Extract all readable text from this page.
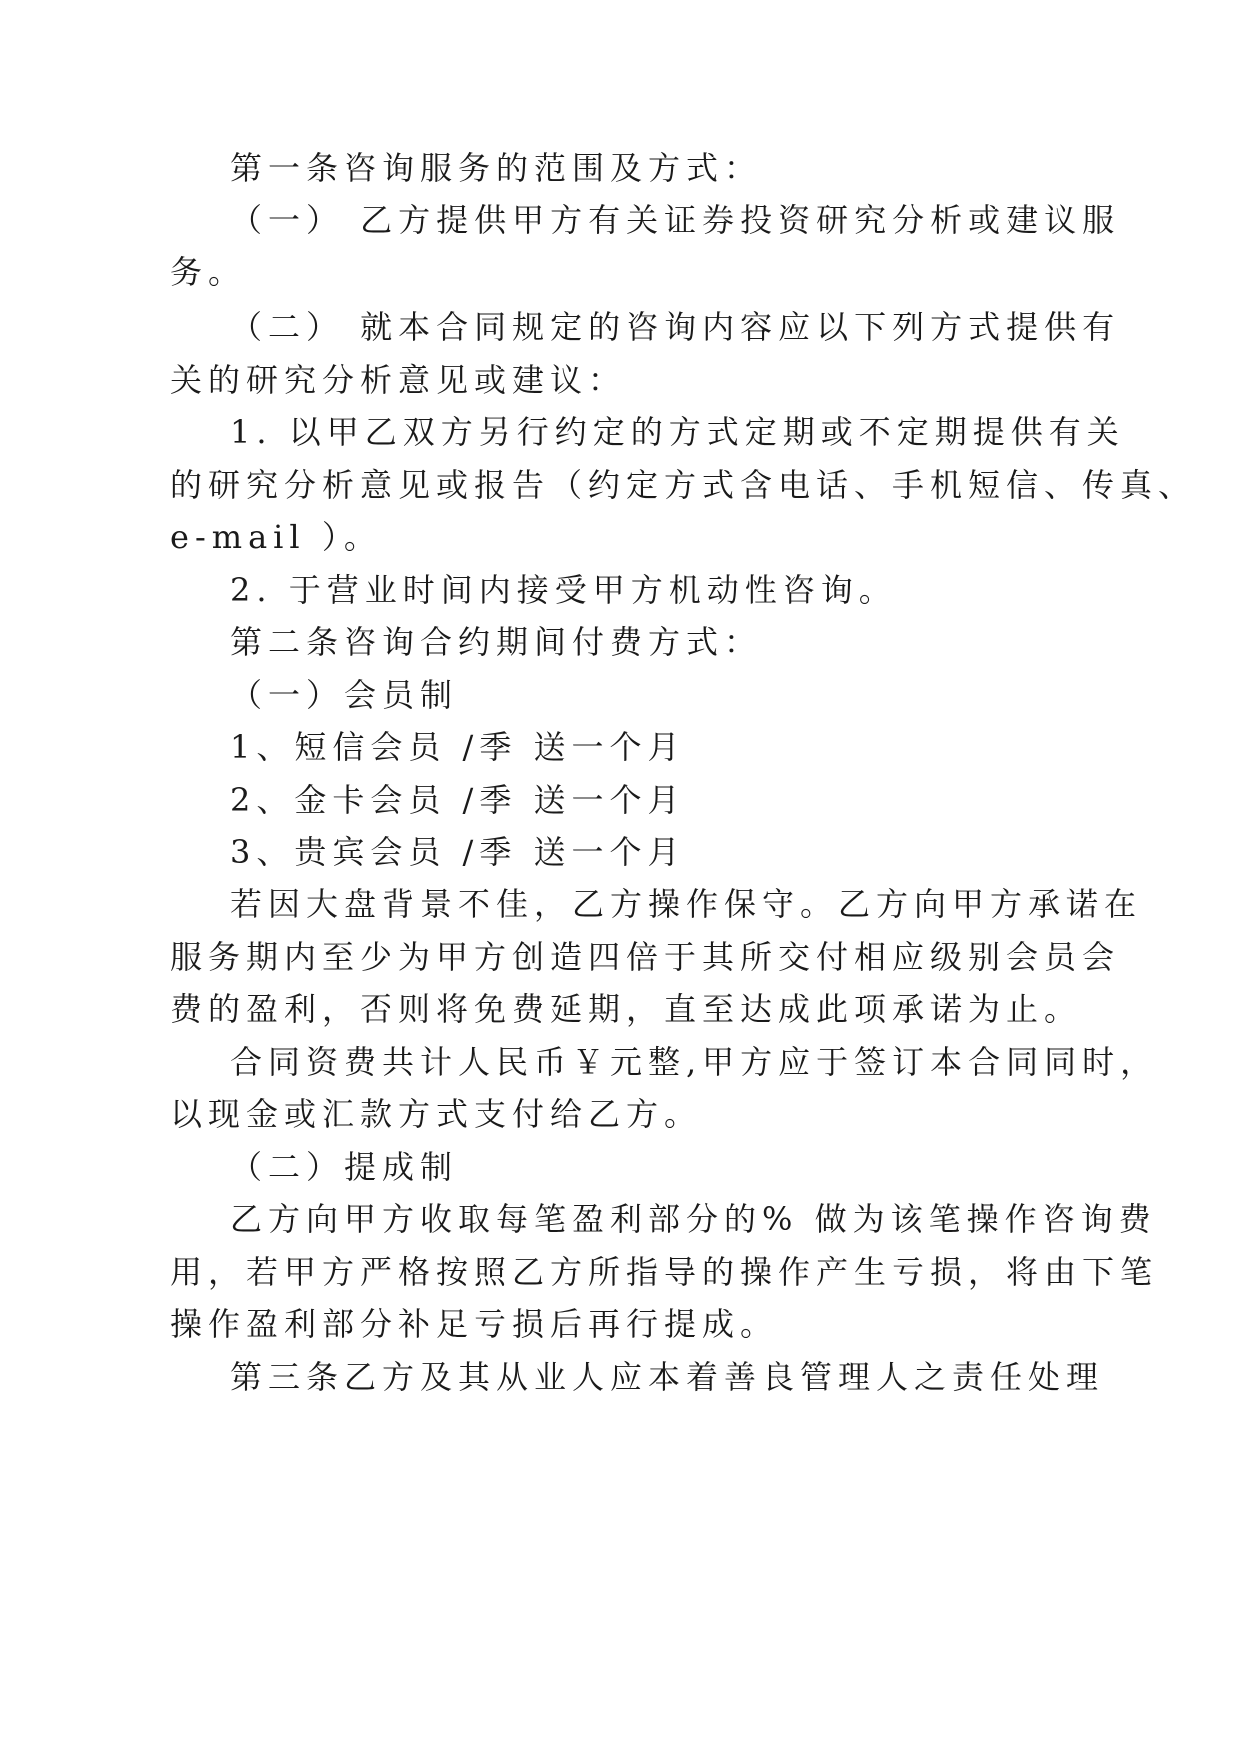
第一条咨询服务的范围及方式：

（一） 乙方提供甲方有关证券投资研究分析或建议服

务。

（二） 就本合同规定的咨询内容应以下列方式提供有

关的研究分析意见或建议：

1. 以甲乙双方另行约定的方式定期或不定期提供有关

的研究分析意见或报告（约定方式含电话、手机短信、传真、

e-mail ）。

2. 于营业时间内接受甲方机动性咨询。

第二条咨询合约期间付费方式：

（一）会员制

1、短信会员 /季 送一个月

2、金卡会员 /季 送一个月

3、贵宾会员 /季 送一个月

若因大盘背景不佳，乙方操作保守。乙方向甲方承诺在

服务期内至少为甲方创造四倍于其所交付相应级别会员会

费的盈利，否则将免费延期，直至达成此项承诺为止。

合同资费共计人民币￥元整,甲方应于签订本合同同时，

以现金或汇款方式支付给乙方。

（二）提成制

乙方向甲方收取每笔盈利部分的% 做为该笔操作咨询费

用，若甲方严格按照乙方所指导的操作产生亏损，将由下笔

操作盈利部分补足亏损后再行提成。

第三条乙方及其从业人应本着善良管理人之责任处理
